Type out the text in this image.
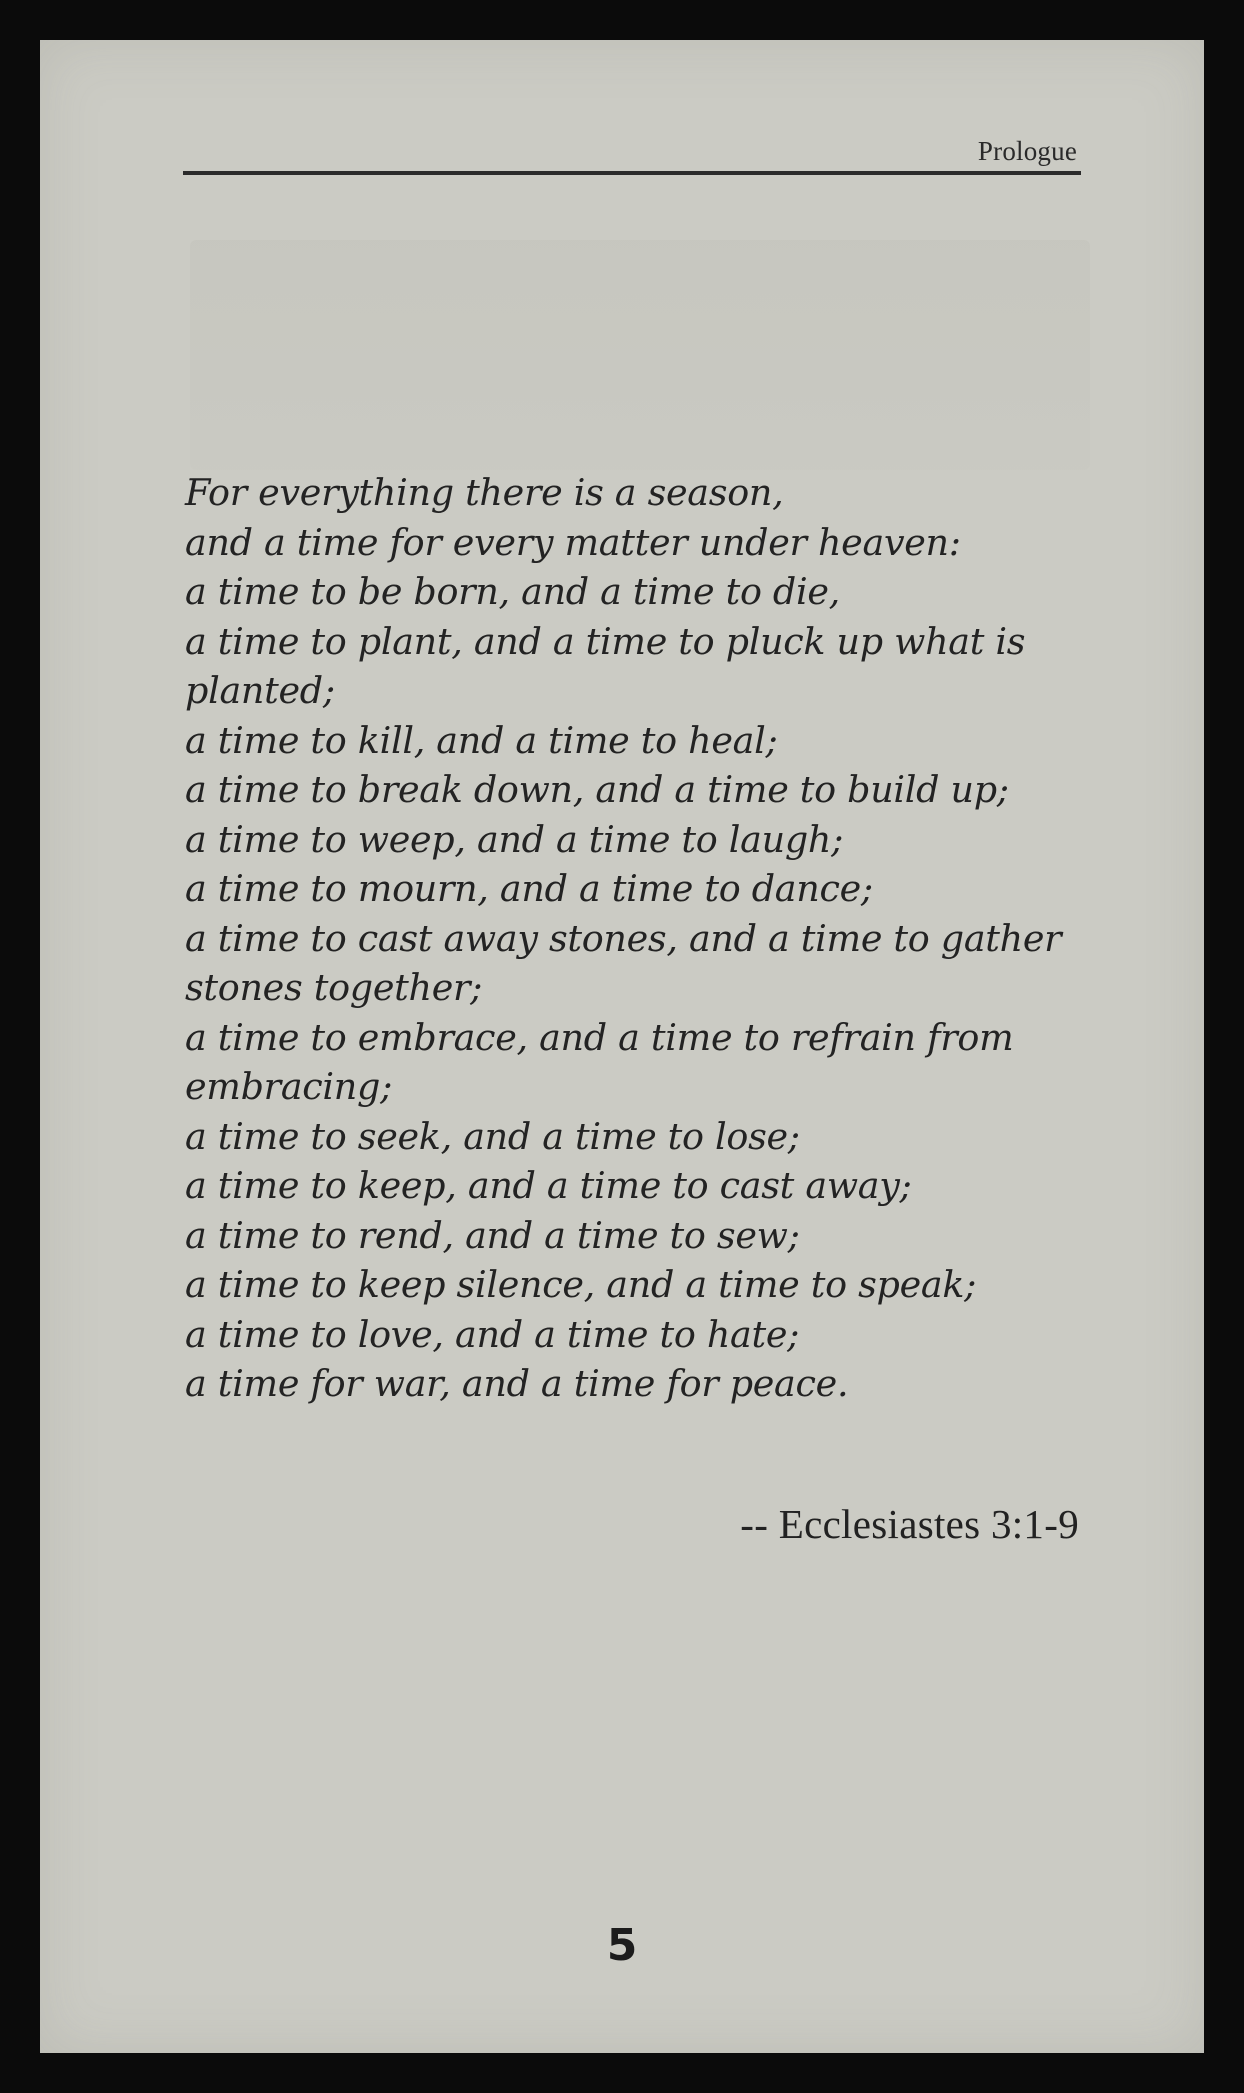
Prologue
For everything there is a season,
and a time for every matter under heaven:
a time to be born, and a time to die,
a time to plant, and a time to pluck up what is
planted;
a time to kill, and a time to heal;
a time to break down, and a time to build up;
a time to weep, and a time to laugh;
a time to mourn, and a time to dance;
a time to cast away stones, and a time to gather
stones together;
a time to embrace, and a time to refrain from
embracing;
a time to seek, and a time to lose;
a time to keep, and a time to cast away;
a time to rend, and a time to sew;
a time to keep silence, and a time to speak;
a time to love, and a time to hate;
a time for war, and a time for peace.
-- Ecclesiastes 3:1-9
5
